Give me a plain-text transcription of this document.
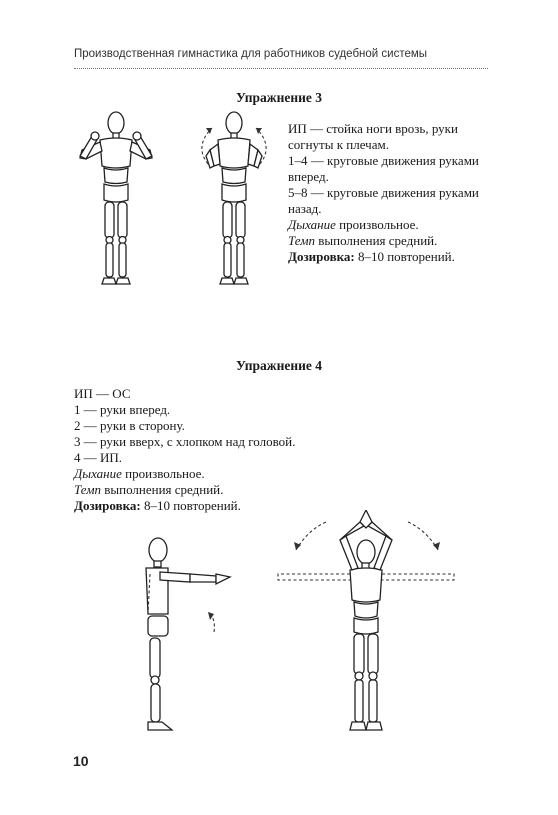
Производственная гимнастика для работников судебной системы
Упражнение 3
ИП — стойка ноги врозь, руки
согнуты к плечам.
1–4 — круговые движения руками
вперед.
5–8 — круговые движения руками
назад.
Дыхание произвольное.
Темп выполнения средний.
Дозировка: 8–10 повторений.
Упражнение 4
ИП — ОС
1 — руки вперед.
2 — руки в сторону.
3 — руки вверх, с хлопком над головой.
4 — ИП.
Дыхание произвольное.
Темп выполнения средний.
Дозировка: 8–10 повторений.
10
